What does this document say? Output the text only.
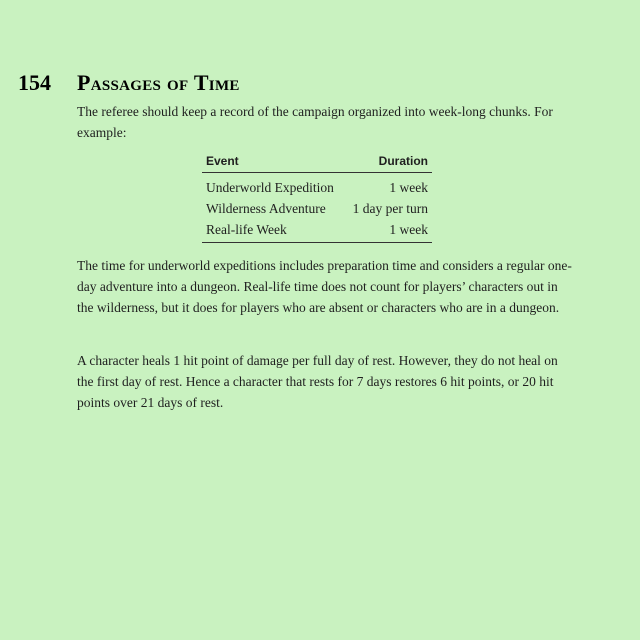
154 Passages of Time
The referee should keep a record of the campaign organized into week-long chunks. For example:
Event	Duration
Underworld Expedition	1 week
Wilderness Adventure	1 day per turn
Real-life Week	1 week
The time for underworld expeditions includes preparation time and considers a regular one-day adventure into a dungeon. Real-life time does not count for players’ characters out in the wilderness, but it does for players who are absent or characters who are in a dungeon.
A character heals 1 hit point of damage per full day of rest. However, they do not heal on the first day of rest. Hence a character that rests for 7 days restores 6 hit points, or 20 hit points over 21 days of rest.
